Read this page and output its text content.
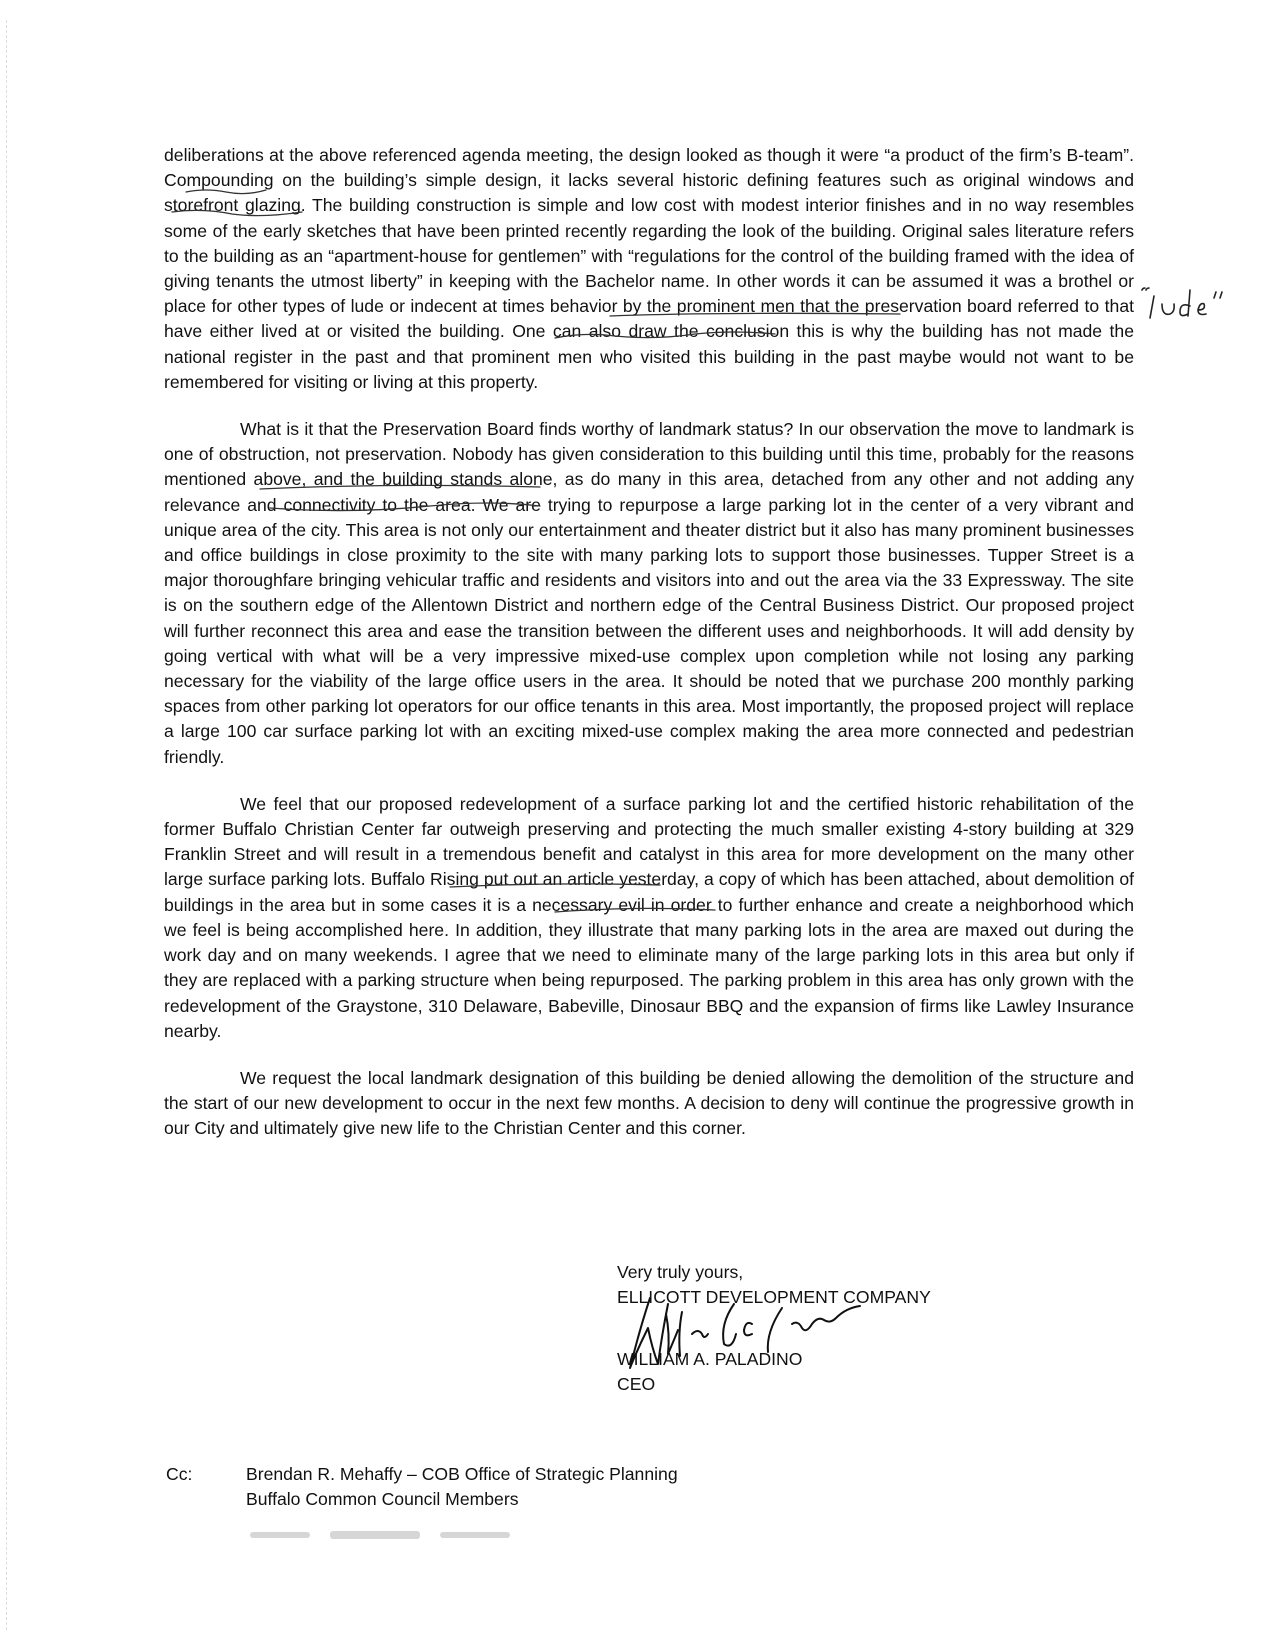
deliberations at the above referenced agenda meeting, the design looked as though it were “a product of the firm’s B-team”. Compounding on the building’s simple design, it lacks several historic defining features such as original windows and storefront glazing. The building construction is simple and low cost with modest interior finishes and in no way resembles some of the early sketches that have been printed recently regarding the look of the building. Original sales literature refers to the building as an “apartment-house for gentlemen” with “regulations for the control of the building framed with the idea of giving tenants the utmost liberty” in keeping with the Bachelor name. In other words it can be assumed it was a brothel or place for other types of lude or indecent at times behavior by the prominent men that the preservation board referred to that have either lived at or visited the building. One can also draw the conclusion this is why the building has not made the national register in the past and that prominent men who visited this building in the past maybe would not want to be remembered for visiting or living at this property.

What is it that the Preservation Board finds worthy of landmark status? In our observation the move to landmark is one of obstruction, not preservation. Nobody has given consideration to this building until this time, probably for the reasons mentioned above, and the building stands alone, as do many in this area, detached from any other and not adding any relevance and connectivity to the area. We are trying to repurpose a large parking lot in the center of a very vibrant and unique area of the city. This area is not only our entertainment and theater district but it also has many prominent businesses and office buildings in close proximity to the site with many parking lots to support those businesses. Tupper Street is a major thoroughfare bringing vehicular traffic and residents and visitors into and out the area via the 33 Expressway. The site is on the southern edge of the Allentown District and northern edge of the Central Business District. Our proposed project will further reconnect this area and ease the transition between the different uses and neighborhoods. It will add density by going vertical with what will be a very impressive mixed-use complex upon completion while not losing any parking necessary for the viability of the large office users in the area. It should be noted that we purchase 200 monthly parking spaces from other parking lot operators for our office tenants in this area. Most importantly, the proposed project will replace a large 100 car surface parking lot with an exciting mixed-use complex making the area more connected and pedestrian friendly.

We feel that our proposed redevelopment of a surface parking lot and the certified historic rehabilitation of the former Buffalo Christian Center far outweigh preserving and protecting the much smaller existing 4-story building at 329 Franklin Street and will result in a tremendous benefit and catalyst in this area for more development on the many other large surface parking lots. Buffalo Rising put out an article yesterday, a copy of which has been attached, about demolition of buildings in the area but in some cases it is a necessary evil in order to further enhance and create a neighborhood which we feel is being accomplished here. In addition, they illustrate that many parking lots in the area are maxed out during the work day and on many weekends. I agree that we need to eliminate many of the large parking lots in this area but only if they are replaced with a parking structure when being repurposed. The parking problem in this area has only grown with the redevelopment of the Graystone, 310 Delaware, Babeville, Dinosaur BBQ and the expansion of firms like Lawley Insurance nearby.

We request the local landmark designation of this building be denied allowing the demolition of the structure and the start of our new development to occur in the next few months. A decision to deny will continue the progressive growth in our City and ultimately give new life to the Christian Center and this corner.

Very truly yours,
ELLICOTT DEVELOPMENT COMPANY
WILLIAM A. PALADINO
CEO
Cc:	Brendan R. Mehaffy – COB Office of Strategic Planning
Buffalo Common Council Members
